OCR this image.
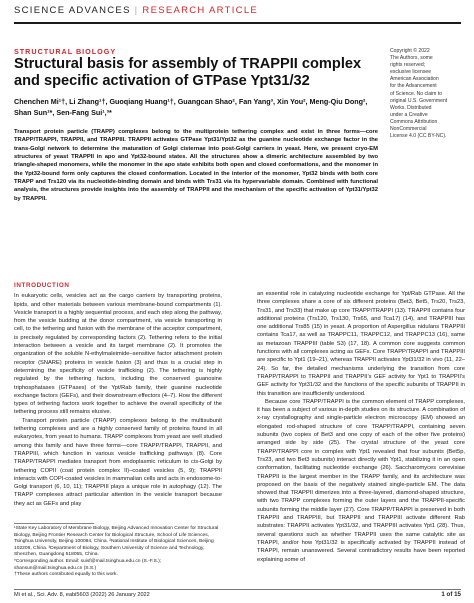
SCIENCE ADVANCES | RESEARCH ARTICLE
STRUCTURAL BIOLOGY
Structural basis for assembly of TRAPPII complex and specific activation of GTPase Ypt31/32
Chenchen Mi¹†, Li Zhang¹†, Guoqiang Huang¹†, Guangcan Shao², Fan Yang³, Xin You², Meng-Qiu Dong², Shan Sun¹*, Sen-Fang Sui¹,³*

Transport protein particle (TRAPP) complexes belong to the multiprotein tethering complex and exist in three forms—core TRAPP/TRAPPI, TRAPPII, and TRAPPIII. TRAPPII activates GTPase Ypt31/Ypt32 as the guanine nucleotide exchange factor in the trans-Golgi network to determine the maturation of Golgi cisternae into post-Golgi carriers in yeast. Here, we present cryo-EM structures of yeast TRAPPII in apo and Ypt32-bound states. All the structures show a dimeric architecture assembled by two triangle-shaped monomers, while the monomer in the apo state exhibits both open and closed conformations, and the monomer in the Ypt32-bound form only captures the closed conformation. Located in the interior of the monomer, Ypt32 binds with both core TRAPP and Trs120 via its nucleotide-binding domain and binds with Trs31 via its hypervariable domain. Combined with functional analysis, the structures provide insights into the assembly of TRAPPII and the mechanism of the specific activation of Ypt31/Ypt32 by TRAPPII.

Copyright © 2022
The Authors, some
rights reserved;
exclusive licensee
American Association
for the Advancement
of Science. No claim to
original U.S. Government
Works. Distributed
under a Creative
Commons Attribution
NonCommercial
License 4.0 (CC BY-NC).
INTRODUCTION

In eukaryotic cells, vesicles act as the cargo carriers by transporting proteins, lipids, and other materials between various membrane-bound compartments (1). Vesicle transport is a highly sequential process, and each step along the pathway, from the vesicle budding at the donor compartment, via vesicle transporting in cell, to the tethering and fusion with the membrane of the acceptor compartment, is precisely regulated by corresponding factors (2). Tethering refers to the initial interaction between a vesicle and its target membrane (2). It promotes the organization of the soluble N-ethylmaleimide–sensitive factor attachment protein receptor (SNARE) proteins in vesicle fusion (3) and thus is a crucial step in determining the specificity of vesicle trafficking (2). The tethering is highly regulated by the tethering factors, including the conserved guanosine triphosphatases (GTPases) of the Ypt/Rab family, their guanine nucleotide exchange factors (GEFs), and their downstream effectors (4–7). How the different types of tethering factors work together to achieve the overall specificity of the tethering process still remains elusive.

Transport protein particle (TRAPP) complexes belong to the multisubunit tethering complexes and are a highly conserved family of proteins found in all eukaryotes, from yeast to humans. TRAPP complexes from yeast are well studied among this family and have three forms—core TRAPP/TRAPPI, TRAPPII, and TRAPPIII, which function in various vesicle trafficking pathways (8). Core TRAPP/TRAPPI mediates transport from endoplasmic reticulum to cis-Golgi by tethering COPII (coat protein complex II)–coated vesicles (5, 9); TRAPPII interacts with COPI-coated vesicles in mammalian cells and acts in endosome-to-Golgi transport (6, 10, 11); TRAPPIII plays a unique role in autophagy (12). The TRAPP complexes attract particular attention in the vesicle transport because they act as GEFs and play

an essential role in catalyzing nucleotide exchange for Ypt/Rab GTPase. All the three complexes share a core of six different proteins (Bet3, Bet5, Trs20, Trs23, Trs31, and Trs33) that make up core TRAPP/TRAPPI (13). TRAPPII contains four additional proteins (Trs120, Trs130, Trs65, and Tca17) (14), and TRAPPIII has one additional Trs85 (15) in yeast. A proportion of Aspergillus nidulans TRAPPIII contains Tca17, as well as TRAPPC11, TRAPPC12, and TRAPPC13 (16), same as metazoan TRAPPIII (table S3) (17, 18). A common core suggests common functions with all complexes acting as GEFs. Core TRAPP/TRAPPI and TRAPPIII are specific to Ypt1 (19–21), whereas TRAPPII activates Ypt31/32 in vivo (11, 22–24). So far, the detailed mechanisms underlying the transition from core TRAPP/TRAPPI to TRAPPII and TRAPPII’s GEF activity for Ypt1 to TRAPPII’s GEF activity for Ypt31/32 and the functions of the specific subunits of TRAPPII in this transition are insufficiently understood.

Because core TRAPP/TRAPPI is the common element of TRAPP complexes, it has been a subject of various in-depth studies on its structure. A combination of x-ray crystallography and single-particle electron microscopy (EM) showed an elongated rod-shaped structure of core TRAPP/TRAPPI, containing seven subunits (two copies of Bet3 and one copy of each of the other five proteins) arranged side by side (25). The crystal structure of the yeast core TRAPP/TRAPPI core in complex with Ypt1 revealed that four subunits (Bet5p, Trs23, and two Bet3 subunits) interact directly with Ypt1, stabilizing it in an open conformation, facilitating nucleotide exchange (26). Saccharomyces cerevisiae TRAPPII is the largest member in the TRAPP family, and its architecture was proposed on the basis of the negatively stained single-particle EM. The data showed that TRAPPII dimerizes into a three-layered, diamond-shaped structure, with two TRAPP complexes forming the outer layers and the TRAPPII-specific subunits forming the middle layer (27). Core TRAPP/TRAPPI is preserved in both TRAPPII and TRAPPIII, but TRAPPII and TRAPPIII activate different Rab substrates: TRAPPII activates Ypt31/32, and TRAPPIII activates Ypt1 (28). Thus, several questions such as whether TRAPPII uses the same catalytic site as TRAPPI, and/or how Ypt31/32 is specifically activated by TRAPPII instead of TRAPPI, remain unanswered. Several contradictory results have been reported explaining some of

¹State Key Laboratory of Membrane Biology, Beijing Advanced Innovation Center for Structural Biology, Beijing Frontier Research Center for Biological Structure, School of Life Sciences, Tsinghua University, Beijing 100084, China. ²National Institute of Biological Sciences, Beijing 102206, China. ³Department of Biology, Southern University of Science and Technology, Shenzhen, Guangdong 518055, China.

*Corresponding author. Email: suisf@mail.tsinghua.edu.cn (S.-F.S.); shansun@mail.tsinghua.edu.cn (S.S.)

†These authors contributed equally to this work.

Mi et al., Sci. Adv. 8, eabi5603 (2022) 26 January 2022	1 of 15
